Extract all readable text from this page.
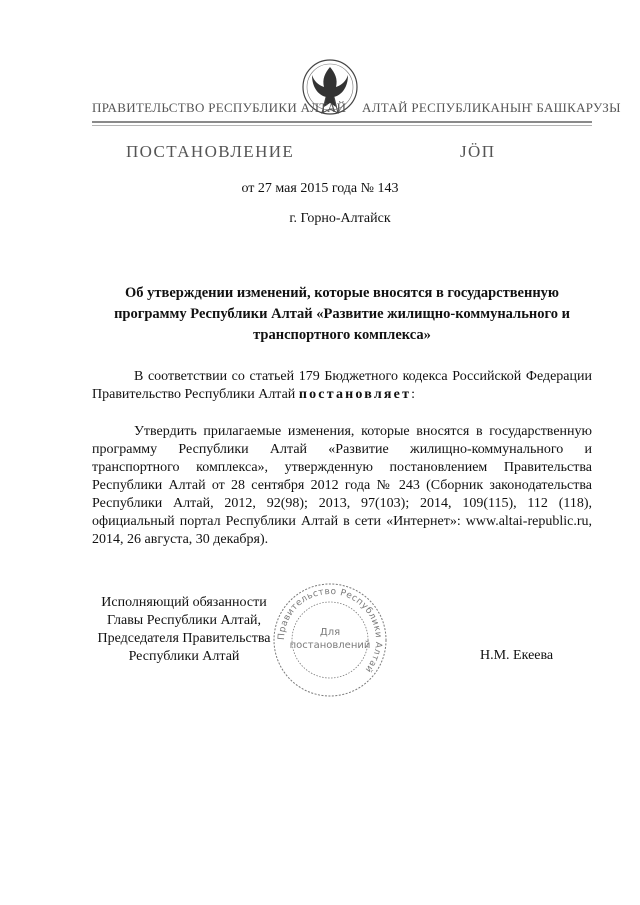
ПРАВИТЕЛЬСТВО РЕСПУБЛИКИ АЛТАЙ АЛТАЙ РЕСПУБЛИКАНЫҤ БАШКАРУЗЫ
ПОСТАНОВЛЕНИЕ	JӦП
от 27 мая 2015 года № 143
г. Горно-Алтайск
Об утверждении изменений, которые вносятся в государственную программу Республики Алтай «Развитие жилищно-коммунального и транспортного комплекса»
В соответствии со статьей 179 Бюджетного кодекса Российской Федерации Правительство Республики Алтай постановляет:
Утвердить прилагаемые изменения, которые вносятся в государственную программу Республики Алтай «Развитие жилищно-коммунального и транспортного комплекса», утвержденную постановлением Правительства Республики Алтай от 28 сентября 2012 года № 243 (Сборник законодательства Республики Алтай, 2012, 92(98); 2013, 97(103); 2014, 109(115), 112 (118), официальный портал Республики Алтай в сети «Интернет»: www.altai-republic.ru, 2014, 26 августа, 30 декабря).
Исполняющий обязанности
Главы Республики Алтай,
Председателя Правительства
Республики Алтай	Н.М. Екеева
Правительство Республики Алтай
Для
постановлений
